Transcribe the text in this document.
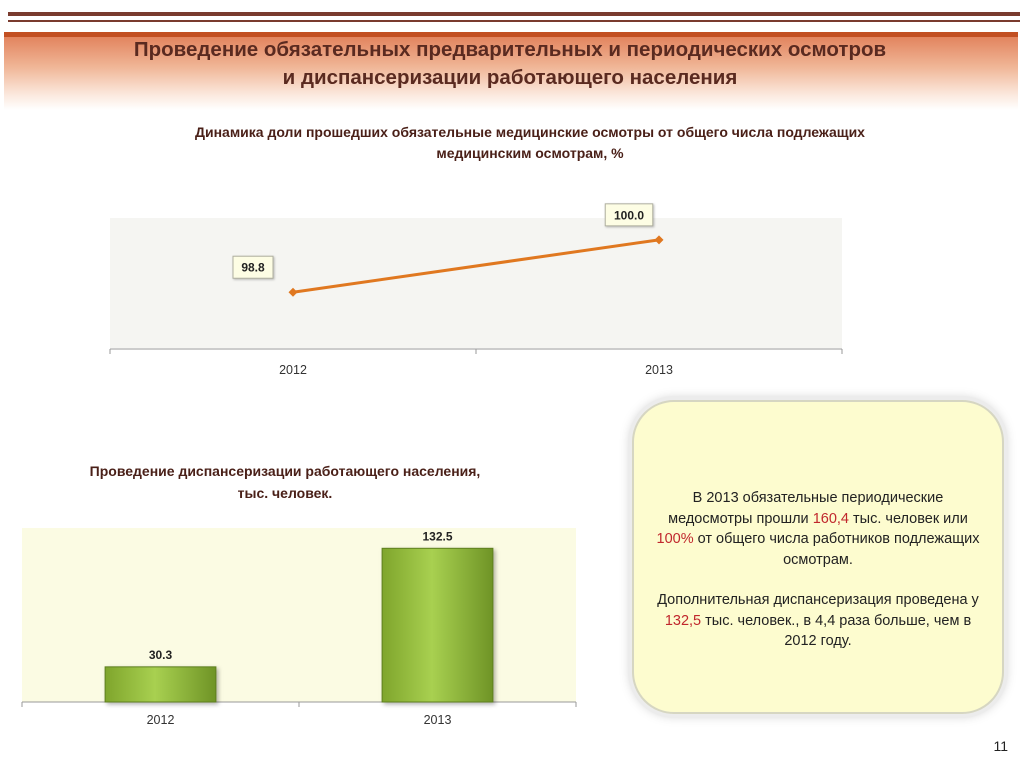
Проведение обязательных предварительных и периодических осмотров
и диспансеризации работающего населения
Динамика доли прошедших обязательные медицинские осмотры от общего числа подлежащих
медицинским осмотрам, %
98.8
2012
100.0
2013
Проведение диспансеризации работающего населения,
тыс. человек.
30.3
2012
132.5
2013

В 2013 обязательные периодические медосмотры прошли 160,4 тыс. человек или 100% от общего числа работников подлежащих осмотрам.

Дополнительная диспансеризация проведена у 132,5 тыс. человек., в 4,4 раза больше, чем в 2012 году.

11
